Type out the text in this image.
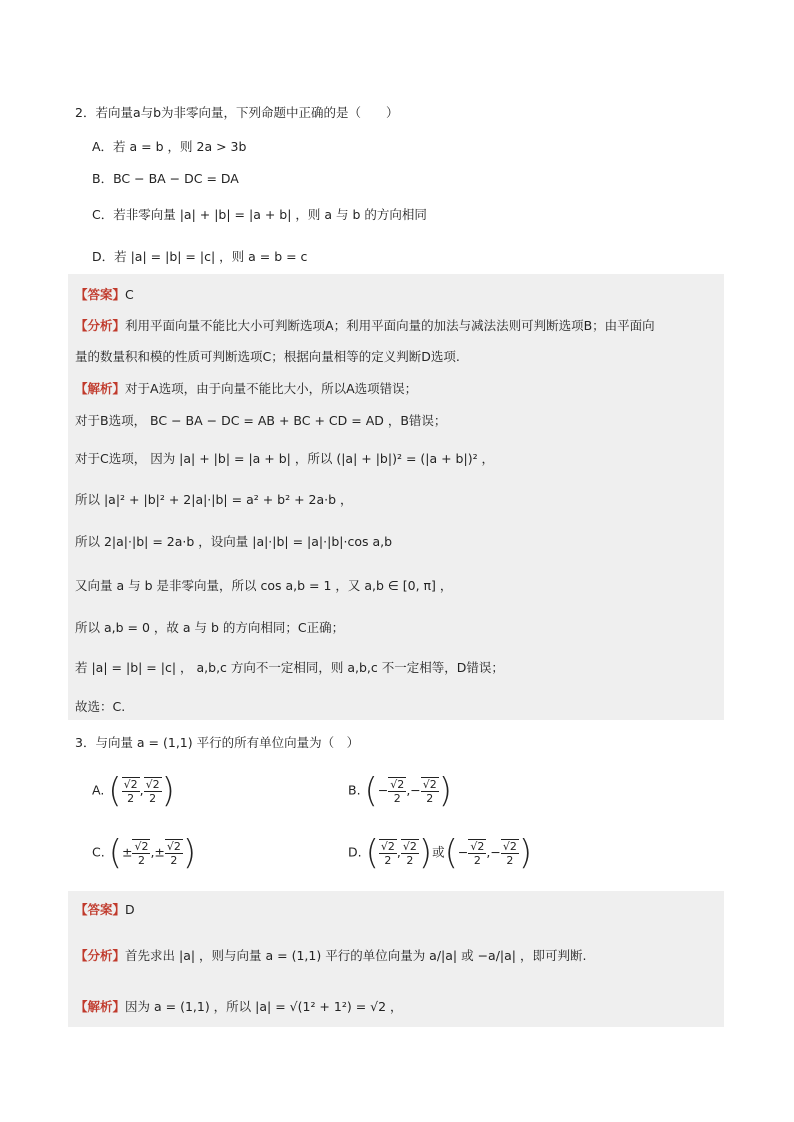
2．若向量a与b为非零向量，下列命题中正确的是（　　）
A．若 a = b ，则 2a > 3b
B．BC − BA − DC = DA
C．若非零向量 |a| + |b| = |a + b| ，则 a 与 b 的方向相同
D．若 |a| = |b| = |c| ，则 a = b = c
【答案】C
【分析】利用平面向量不能比大小可判断选项A；利用平面向量的加法与减法法则可判断选项B；由平面向
量的数量积和模的性质可判断选项C；根据向量相等的定义判断D选项.
【解析】对于A选项，由于向量不能比大小，所以A选项错误；
对于B选项， BC − BA − DC = AB + BC + CD = AD ，B错误；
对于C选项， 因为 |a| + |b| = |a + b| ，所以 (|a| + |b|)² = (|a + b|)² ，
所以 |a|² + |b|² + 2|a|·|b| = a² + b² + 2a·b ，
所以 2|a|·|b| = 2a·b ，设向量 |a|·|b| = |a|·|b|·cos a,b
又向量 a 与 b 是非零向量，所以 cos a,b = 1 ，又 a,b ∈ [0, π] ，
所以 a,b = 0 ，故 a 与 b 的方向相同；C正确；
若 |a| = |b| = |c| ， a,b,c 方向不一定相同，则 a,b,c 不一定相等，D错误；
故选：C.
3．与向量 a = (1,1) 平行的所有单位向量为（　）
A. ( $\frac{√2}{2}$ , $\frac{√2}{2}$ )	B. (− $\frac{√2}{2}$ ,− $\frac{√2}{2}$ )
C. (± $\frac{√2}{2}$ ,± $\frac{√2}{2}$ )	D. ( $\frac{√2}{2}$ , $\frac{√2}{2}$ )或(− $\frac{√2}{2}$ ,− $\frac{√2}{2}$ )
【答案】D
【分析】首先求出 |a| ，则与向量 a = (1,1) 平行的单位向量为 a/|a| 或 −a/|a| ，即可判断.
【解析】因为 a = (1,1) ，所以 |a| = √(1² + 1²) = √2 ，
